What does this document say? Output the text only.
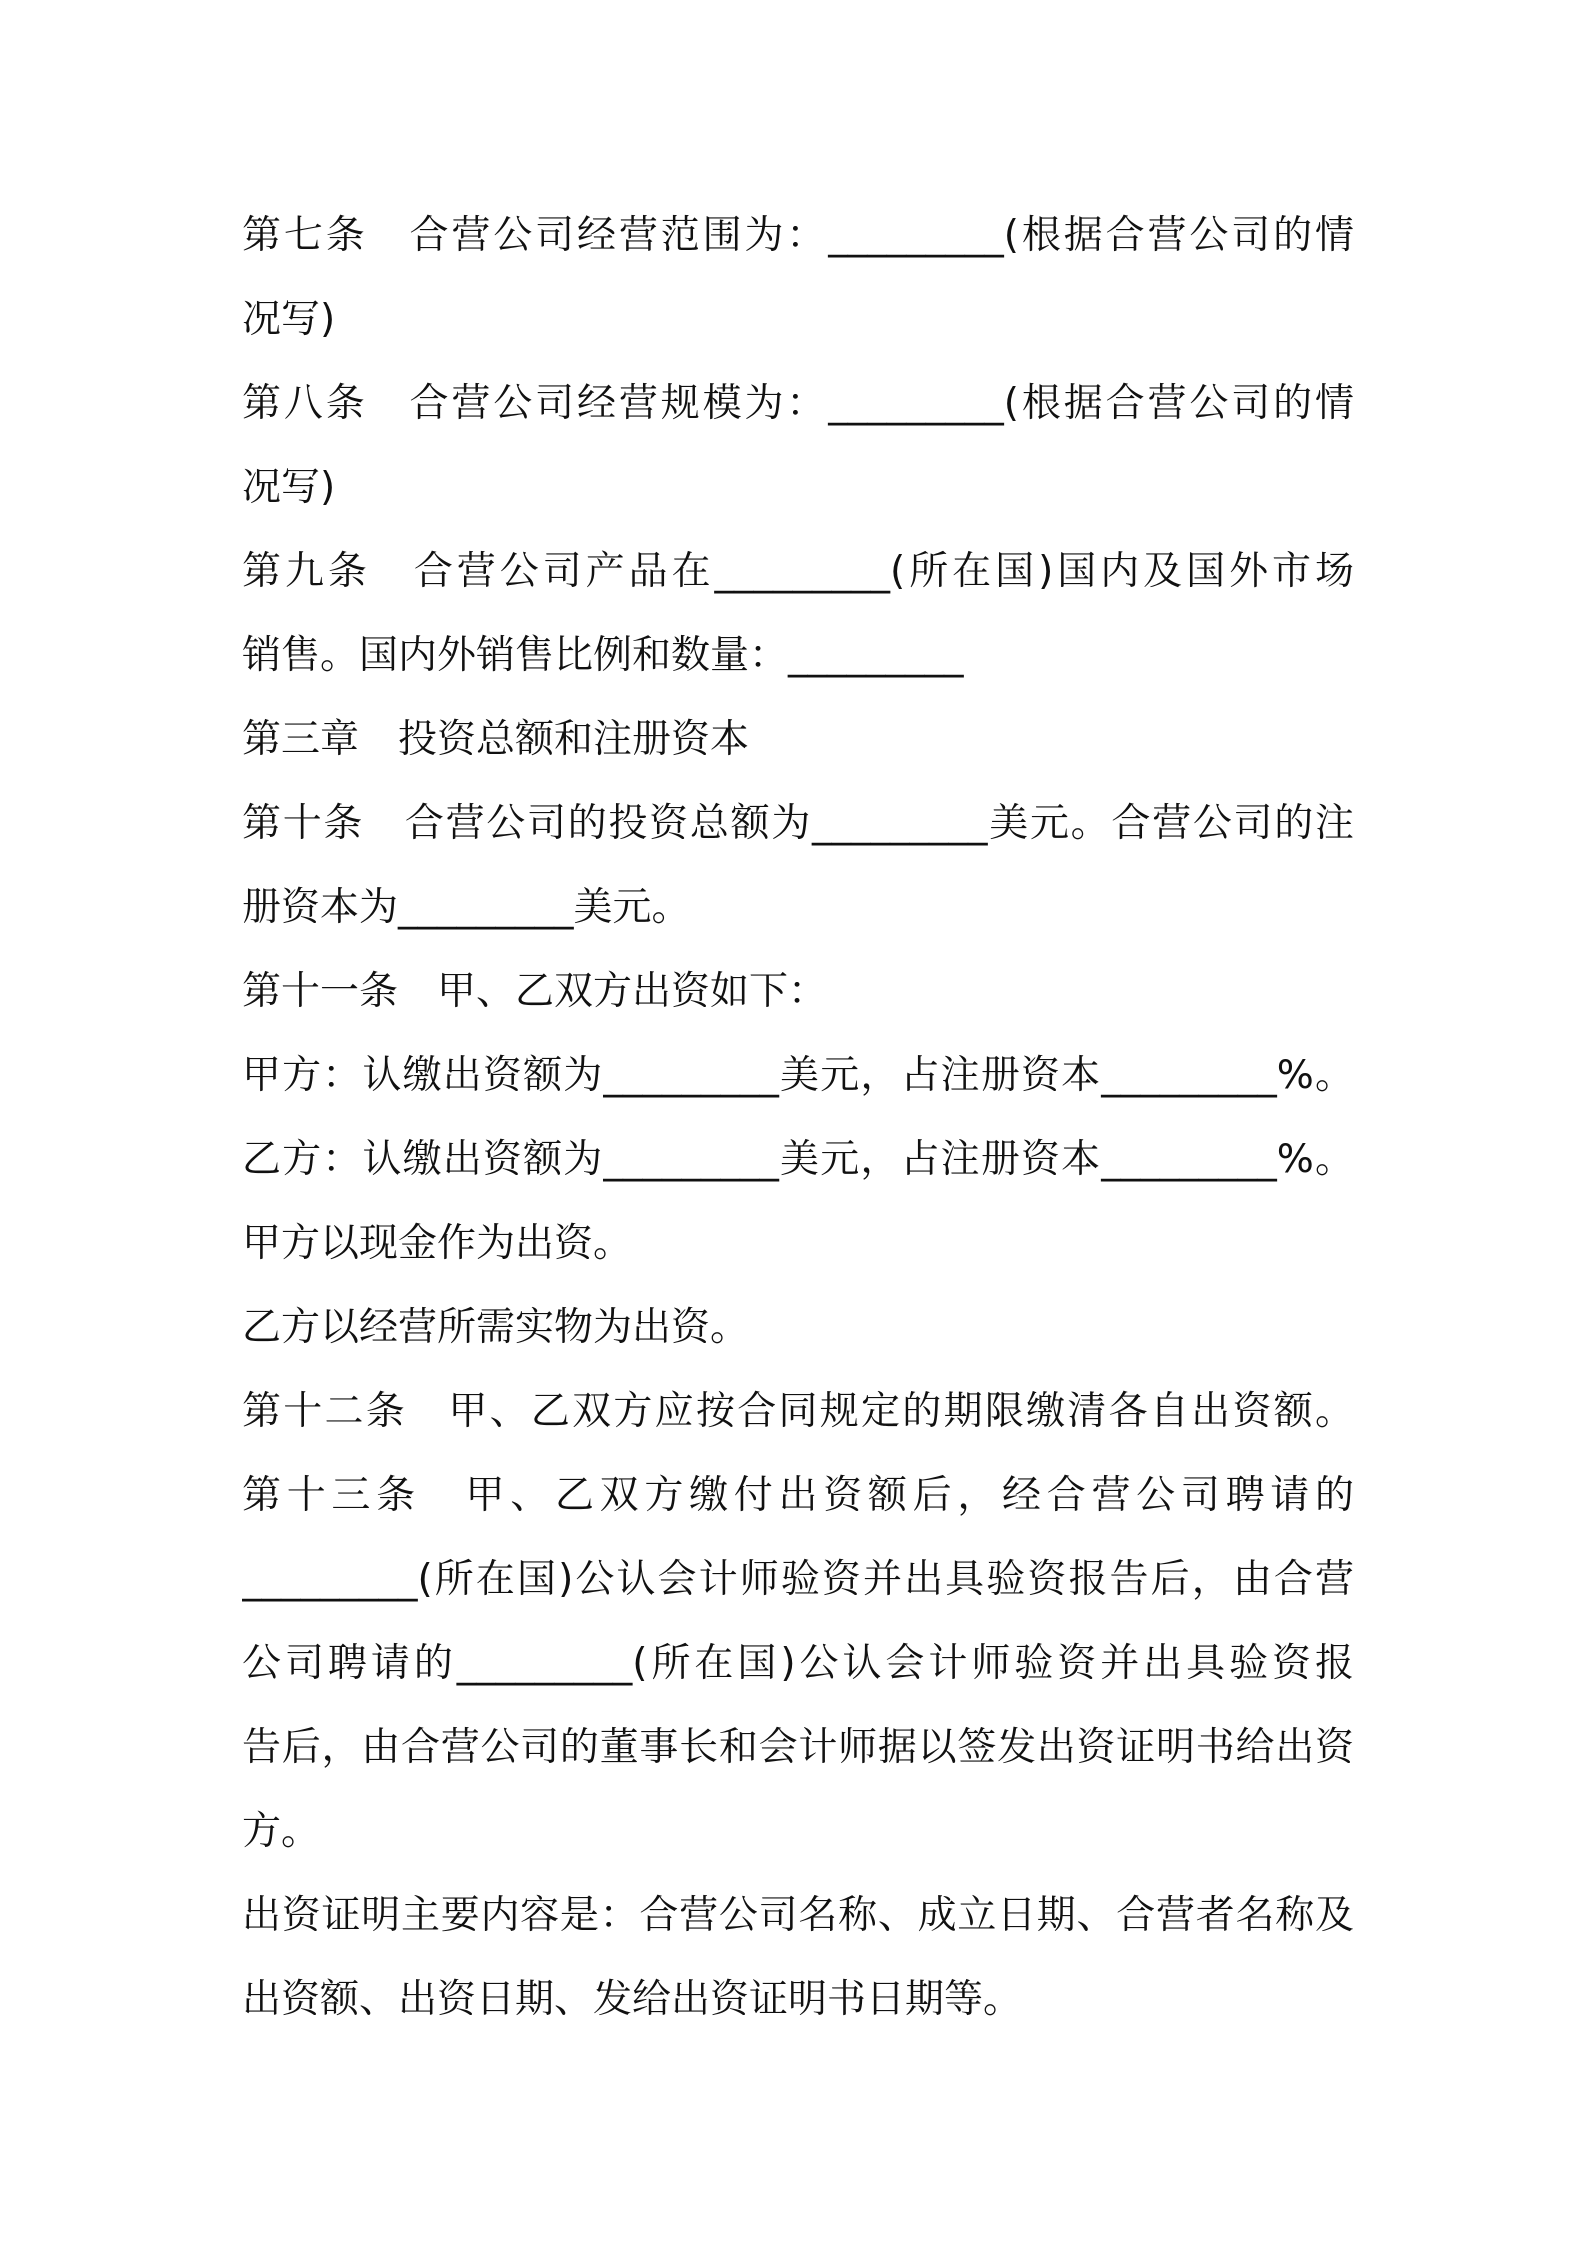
第七条　合营公司经营范围为：_________(根据合营公司的情
况写)
第八条　合营公司经营规模为：_________(根据合营公司的情
况写)
第九条　合营公司产品在_________(所在国)国内及国外市场
销售。国内外销售比例和数量：_________
第三章　投资总额和注册资本
第十条　合营公司的投资总额为_________美元。合营公司的注
册资本为_________美元。
第十一条　甲、乙双方出资如下：
甲方：认缴出资额为_________美元，占注册资本_________%。
乙方：认缴出资额为_________美元，占注册资本_________%。
甲方以现金作为出资。
乙方以经营所需实物为出资。
第十二条　甲、乙双方应按合同规定的期限缴清各自出资额。
第十三条　甲、乙双方缴付出资额后，经合营公司聘请的
_________(所在国)公认会计师验资并出具验资报告后，由合营
公司聘请的_________(所在国)公认会计师验资并出具验资报
告后，由合营公司的董事长和会计师据以签发出资证明书给出资
方。
出资证明主要内容是：合营公司名称、成立日期、合营者名称及
出资额、出资日期、发给出资证明书日期等。
